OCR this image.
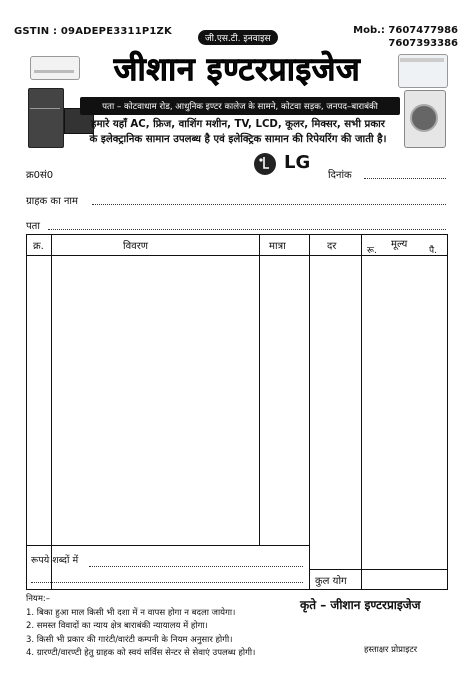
GSTIN : 09ADEPE3311P1ZK
जी.एस.टी. इनवाइस
Mob.: 7607477986
7607393386
जीशान इण्टरप्राइजेज
पता – कोटवाधाम रोड, आधुनिक इण्टर कालेज के सामने, कोटवा सड़क, जनपद–बाराबंकी
हमारे यहाँ AC, फ्रिज, वाशिंग मशीन, TV, LCD, कूलर, मिक्सर, सभी प्रकार
के इलेक्ट्रानिक सामान उपलब्ध है एवं इलेक्ट्रिक सामान की रिपेयरिंग की जाती है।
LG
क्र0सं0	दिनांक
ग्राहक का नाम
पता
क्र.	विवरण	मात्रा	दर	मूल्य
रू.	पै.
रूपये शब्दों में
कुल योग
नियम:–
1. बिका हुआ माल किसी भी दशा में न वापस होगा न बदला जायेगा।
2. समस्त विवादों का न्याय क्षेत्र बाराबंकी न्यायालय में होगा।
3. किसी भी प्रकार की गारंटी/वारंटी कम्पनी के नियम अनुसार होगी।
4. ग्रारण्टी/वारण्टी हेतु ग्राहक को स्वयं सर्विस सेन्टर से सेवाएं उपलब्ध होगी।
कृते – जीशान इण्टरप्राइजेज
हस्ताक्षर प्रोप्राइटर
